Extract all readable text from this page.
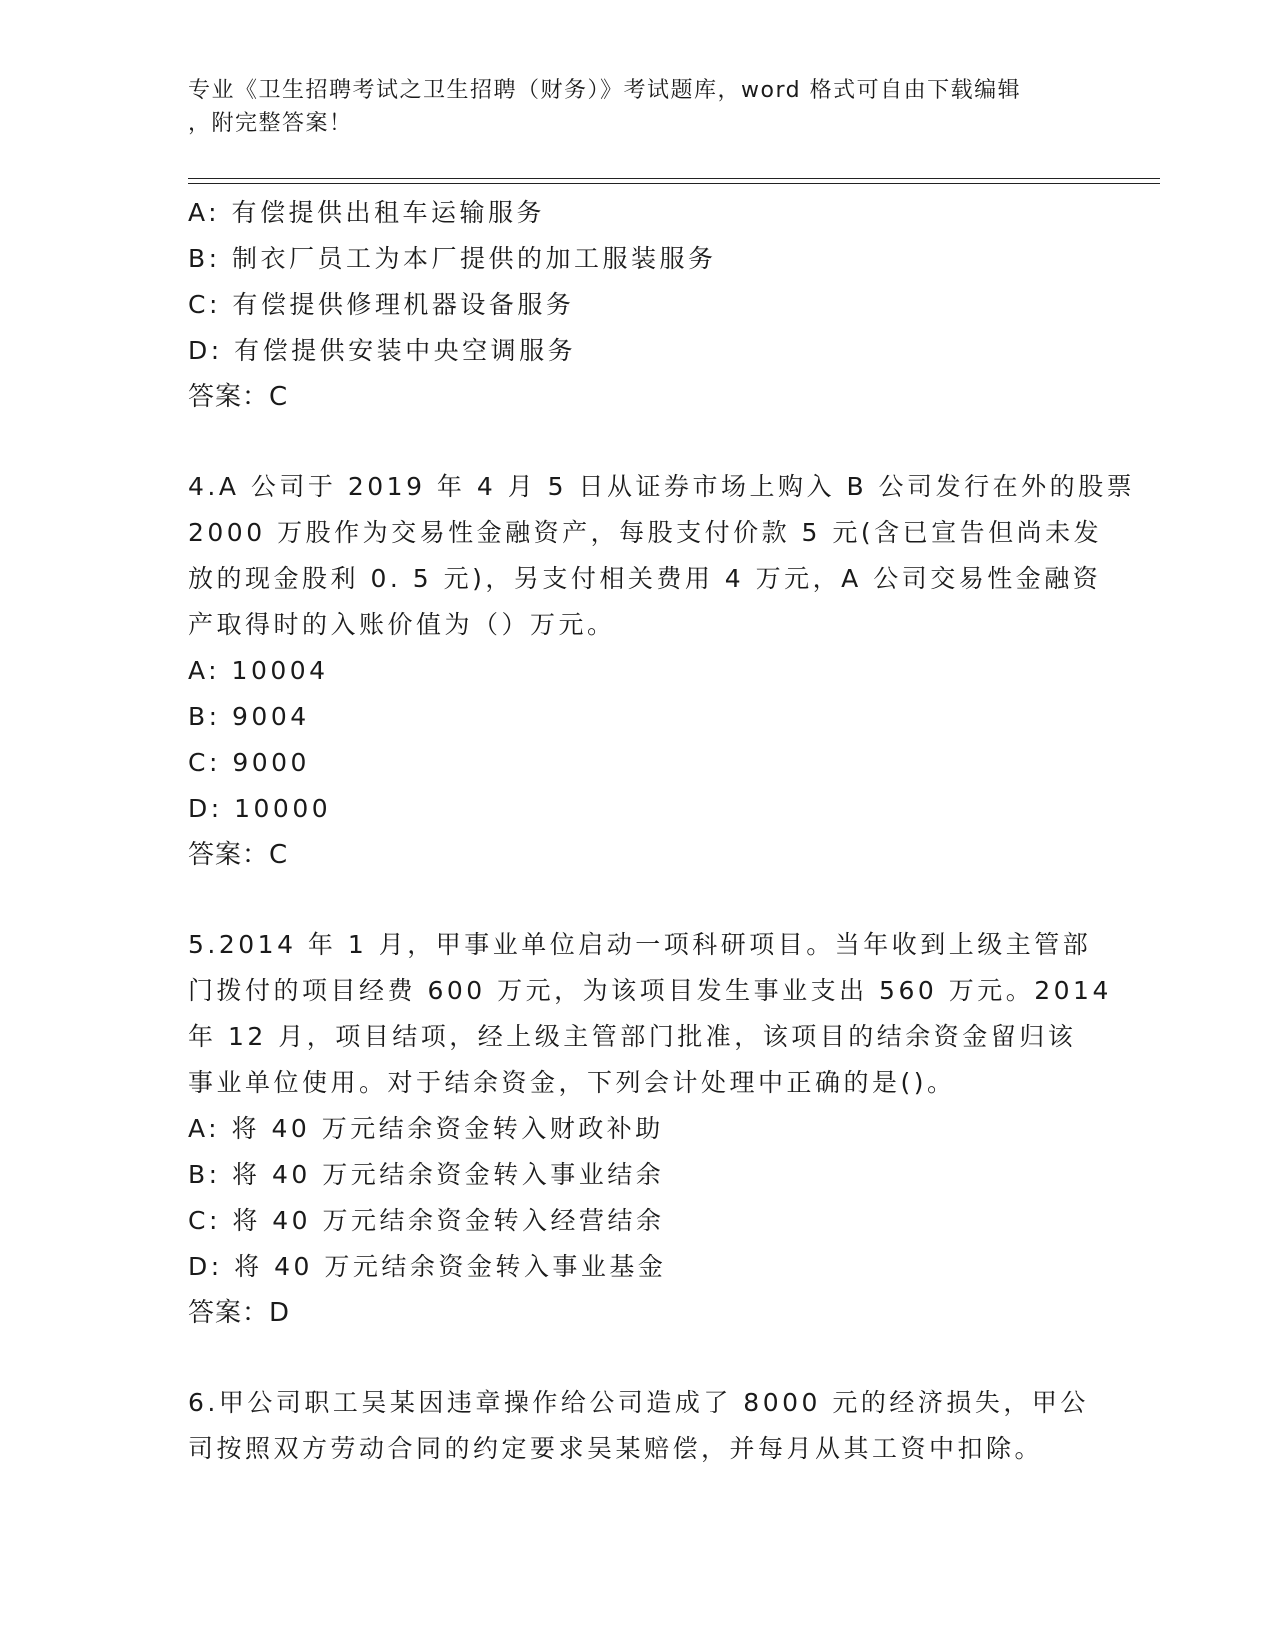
专业《卫生招聘考试之卫生招聘（财务）》考试题库，word 格式可自由下载编辑
，附完整答案！
A: 有偿提供出租车运输服务
B: 制衣厂员工为本厂提供的加工服装服务
C: 有偿提供修理机器设备服务
D: 有偿提供安装中央空调服务
答案：C
4.A 公司于 2019 年 4 月 5 日从证券市场上购入 B 公司发行在外的股票
2000 万股作为交易性金融资产，每股支付价款 5 元(含已宣告但尚未发
放的现金股利 0. 5 元)，另支付相关费用 4 万元，A 公司交易性金融资
产取得时的入账价值为（）万元。
A: 10004
B: 9004
C: 9000
D: 10000
答案：C
5.2014 年 1 月，甲事业单位启动一项科研项目。当年收到上级主管部
门拨付的项目经费 600 万元，为该项目发生事业支出 560 万元。2014
年 12 月，项目结项，经上级主管部门批准，该项目的结余资金留归该
事业单位使用。对于结余资金，下列会计处理中正确的是()。
A: 将 40 万元结余资金转入财政补助
B: 将 40 万元结余资金转入事业结余
C: 将 40 万元结余资金转入经营结余
D: 将 40 万元结余资金转入事业基金
答案：D
6.甲公司职工吴某因违章操作给公司造成了 8000 元的经济损失，甲公
司按照双方劳动合同的约定要求吴某赔偿，并每月从其工资中扣除。
